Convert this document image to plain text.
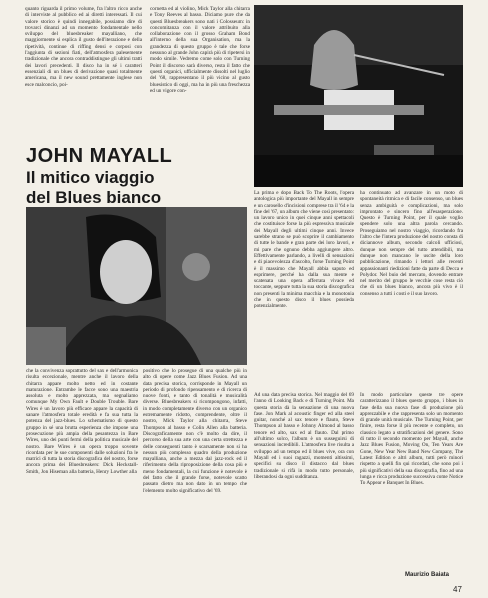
quanto riguarda il primo volume, fra l'altro ricco anche di interviste al pubblico ed ai diretti interessati. Il cui valore storico è quindi innegabile, possiamo dire di trovarci dinanzi ad un momento fondamentale nello sviluppo del bluesbreaker mayalliano, che maggiormente si esplica il gusto dell'iterazione e della ripetività, continue di riffing densi e corposi con l'aggiunta di sezioni fiati, dell'atmosfera palesemente tradizionale che ancora contraddistingue gli ultimi tratti dei lavori precedenti. Il disco ha in sé i caratteri essenziali di un blues di derivazione quasi totalmente americana, ma il new sound prettamente inglese non esce malconcio, poi-
cornetta ed al violino, Mick Taylor alla chitarra e Tony Reeves al basso. Diciamo pure che da questi Bluesbreakers sono nati i Colosseum: in concomitanza con il valore attribuito alla collaborazione con il grosso Graham Bond all'interno della sua Organisation, ma la grandezza di questo gruppo è tale che forse nessuno al grande John capirà più di ripetersi in modo simile. Vedremo come solo con Turning Point il discorso sarà diverso, resta il fatto che questi organici, ufficialmente dissolti nel luglio del '68, rappresentano il più vicino al gusto bluesistico di oggi, ma ha in più una freschezza ed un vigore con-
JOHN MAYALL
Il mitico viaggio
del Blues bianco	La prima e dopo Back To The Roots, l'opera antologica più importante del Mayall in sempre e un carosello d'incisioni comprese tra il '64 e la fine del '67, un album che viene così presentato: un lavoro unico in quei cinque anni spettacoli che costituisce forse la più espressiva musicale dei Mayall degli ultimi cinque anni. Invece sarebbe strano se può scoprire il cambiamento di tutte le bande e gran parte dei loro lavori, e mi pare che ognuno debba aggiungere altro. Effettivamente parlando, a livelli di sensazioni e di piacevolezza d'ascolto, forse Turning Point è il massimo che Mayall abbia saputo ed esprimere, perché ha dalla sua mente e scatenata una opera afferrata vivace ed toccante, seppure tutta la sua storia discografica non presenti la minima macchia e la monotonia che in questo disco il blues possieda potenzialmente.
ha continuato ad avanzare in un moto di spontaneità ritmica e di facile consenso, un blues senza ambiguità e complicazioni, ma solo improntato e sincero fino all'esasperazione. Questo è Turning Point, per il quale voglio spendere solo una altra parola cercando. Proseguiamo nel nostro viaggio, ricordando fra l'altro che l'intera produzione del nostro consta di diciannove album, secondo calcoli ufficiosi, dunque non sempre del tutto attendibili, ma dunque non mancano le uscite della loro pubblicazione, rimando i lettori alle recenti appassionanti riedizioni fatte da parte di Decca e Polydor. Nel buio del mercato, dovendo entrare nel merito del gruppo le vecchie cose resta ciò che di un blues bianco, ancora più vivo è il consenso a tutti i costi e il suo lavoro.
che la convivenza soprattutto del sax e dell'armonica risulta eccezionale, mentre anche il lavoro della chitarra appare molto netto ed in costante maturazione. Entrambe le facce sono una maestria assoluta e molto apprezzata, ma segnaliamo comunque My Own Fault e Double Trouble. Bare Wires è un lavoro più efficace appare la capacità di sanare l'atmosfera totale eredità e fa sua tutta la potenza del jazz-blues. Lo schematismo di questo gruppo in sé una brutta esperienza che impone una prosecuzione più ampia della pesantezza in Bare Wires, uno dei punti fermi della politica musicale del nostro. Bare Wires è un opera troppo sovente ricordata per le sue componenti dalle soluzioni fra le matrici di tutta la storia discografica del nostro, forse ancora prima dei Bluesbreakers: Dick Heckstall-Smith, Jon Hiseman alla batteria, Henry Lowther alla
positivo che lo prosegue di una qualche più in alto di opere come Jazz Blues Fusion. Ad una data precisa storica, corrisponde in Mayall un periodo di profondo ripensamento e di ricerca di nuove fonti, e tanto di tonalità e musicalità diverse. Bluesbreakers si ricompongono, infatti, in modo completamente diverso con un organico estremamente ridotto, comprendente, oltre il nostro, Mick Taylor alla chitarra, Steve Thompson al basso e Colin Allen alla batteria. Discograficamente non c'è molto da dire, il percorso della sua arte con una certa strettezza e delle conseguenti tanto è scarsamente non si ha nessun più complesso quadro della produzione mayalliana, anche a mezza dal jazz-rock ed il riferimento della riproposizione della cosa più e meno fondamentali, la cui funzione è notevole è del fatto che il grande forse, notevole scatto passato dietro ma non dato in un tempo che l'elemento molto significativo del '69.
Ad una data precisa storica. Nel maggio del 69 l'anno di Looking Back e di Turning Point. Ma questa storia dà la sensazione di una nuova fase. Jon Mark al acoustic finger ed alla steel guitar, nonché al sax tenore e flauto, Steve Thompson al basso e Johnny Almond al basso tenore ed alto, sax ed al flauto. Dal primo all'ultimo solco, l'album è un susseguirsi di sensazioni incredibili. L'atmosfera live risulta a sviluppo ad un tempo ed il blues vive, ora con Mayall ed i suoi ragazzi, momenti altissimi, specifici su disco il distacco dal blues tradizionale si rifà in modo tutto personale, liberandosi da ogni sudditanza.
In modo particolare queste tre opere caratterizzano il blues questo gruppo, i blues in fase della sua nuova fase di produzione più apprezzabile e che rappresenta solo un momento di grande unità musicale. The Turning Point, per finire, resta forse il più recente e completo, un classico legato a stratificazioni del genere. Sono di tutto il secondo momento per Mayall, anche Jazz Blues Fusion, Moving On, Ten Years Are Gone, New Year New Band New Company, The Latest Edition e altri album, tutti però minori rispetto a quelli fin qui ricordati, che sono poi i più significativi della sua discografia, fino ad una lunga e ricca produzione successiva come Notice To Appear e Banquet In Blues.
Maurizio Baiata
47
